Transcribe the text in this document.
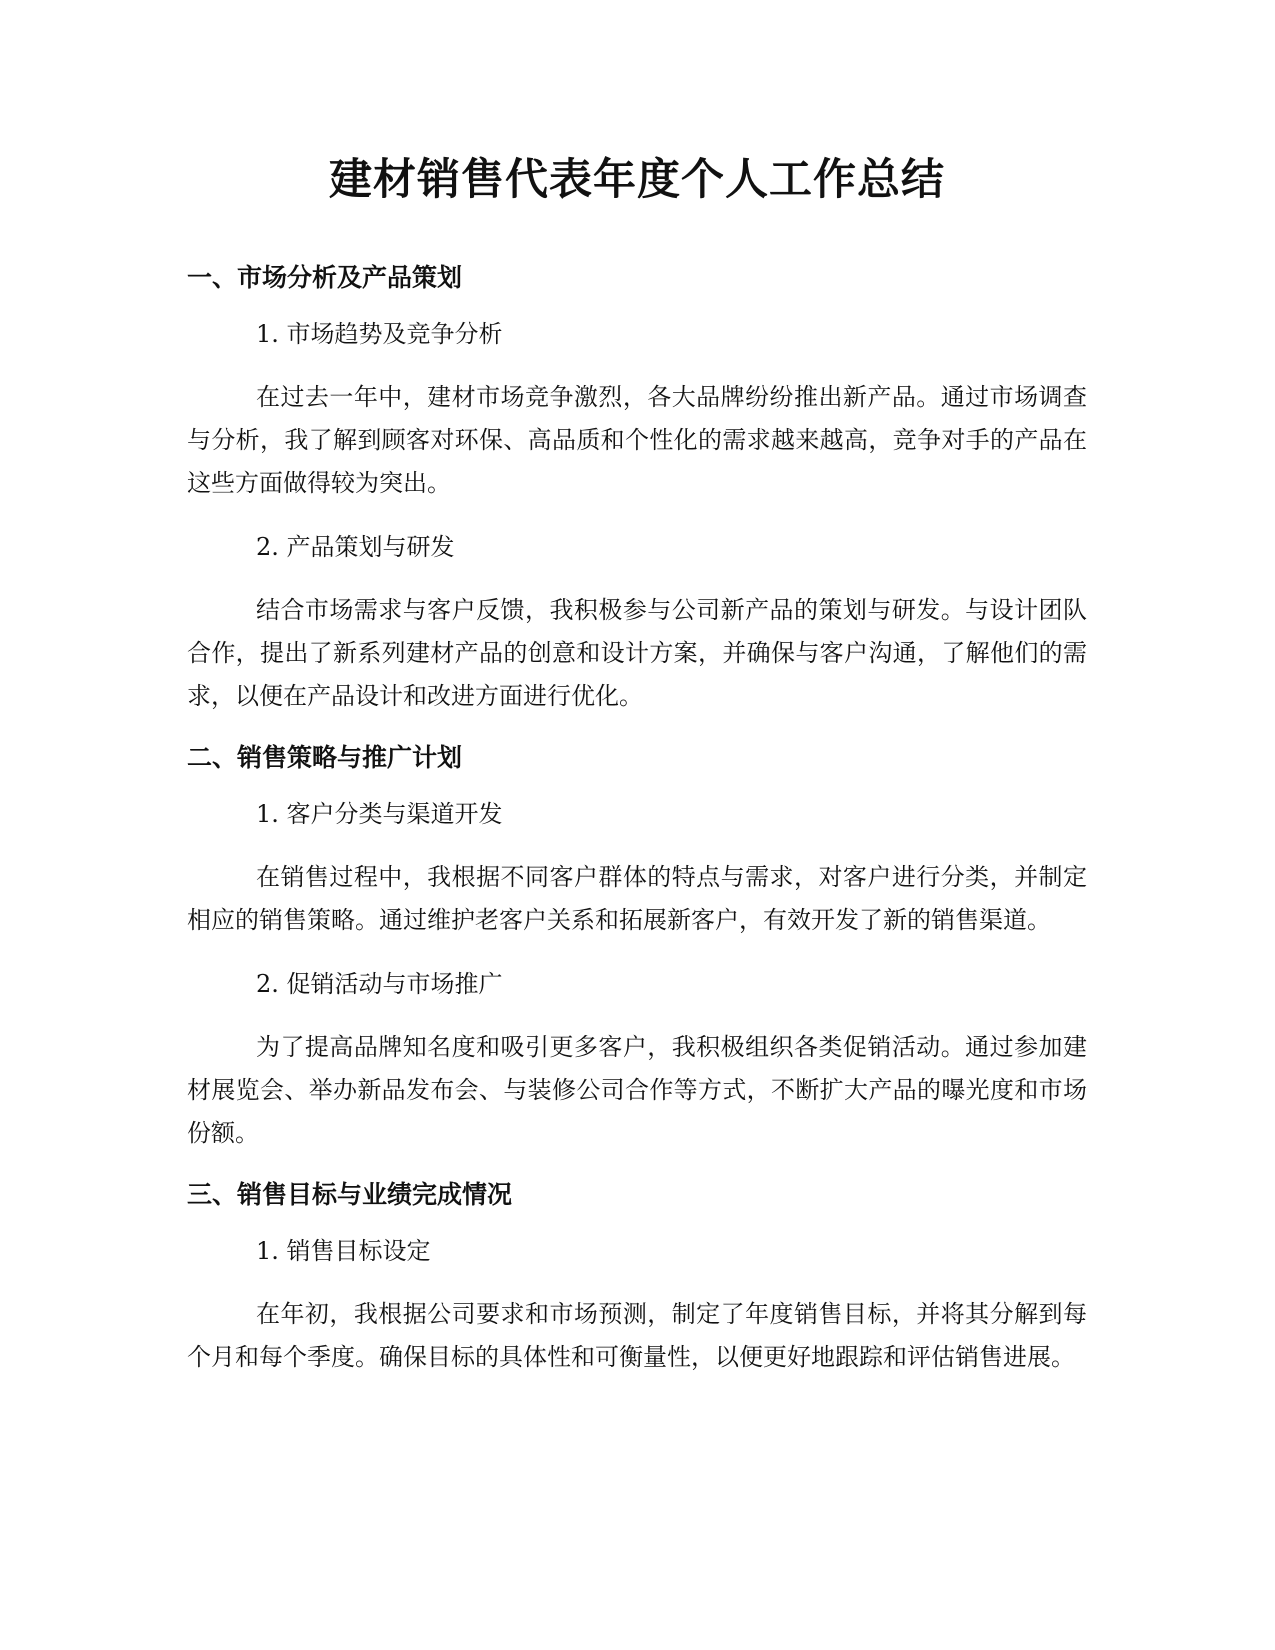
建材销售代表年度个人工作总结
一、市场分析及产品策划

1. 市场趋势及竞争分析

在过去一年中，建材市场竞争激烈，各大品牌纷纷推出新产品。通过市场调查与分析，我了解到顾客对环保、高品质和个性化的需求越来越高，竞争对手的产品在这些方面做得较为突出。

2. 产品策划与研发

结合市场需求与客户反馈，我积极参与公司新产品的策划与研发。与设计团队合作，提出了新系列建材产品的创意和设计方案，并确保与客户沟通，了解他们的需求，以便在产品设计和改进方面进行优化。

二、销售策略与推广计划

1. 客户分类与渠道开发

在销售过程中，我根据不同客户群体的特点与需求，对客户进行分类，并制定相应的销售策略。通过维护老客户关系和拓展新客户，有效开发了新的销售渠道。

2. 促销活动与市场推广

为了提高品牌知名度和吸引更多客户，我积极组织各类促销活动。通过参加建材展览会、举办新品发布会、与装修公司合作等方式，不断扩大产品的曝光度和市场份额。

三、销售目标与业绩完成情况

1. 销售目标设定

在年初，我根据公司要求和市场预测，制定了年度销售目标，并将其分解到每个月和每个季度。确保目标的具体性和可衡量性，以便更好地跟踪和评估销售进展。
